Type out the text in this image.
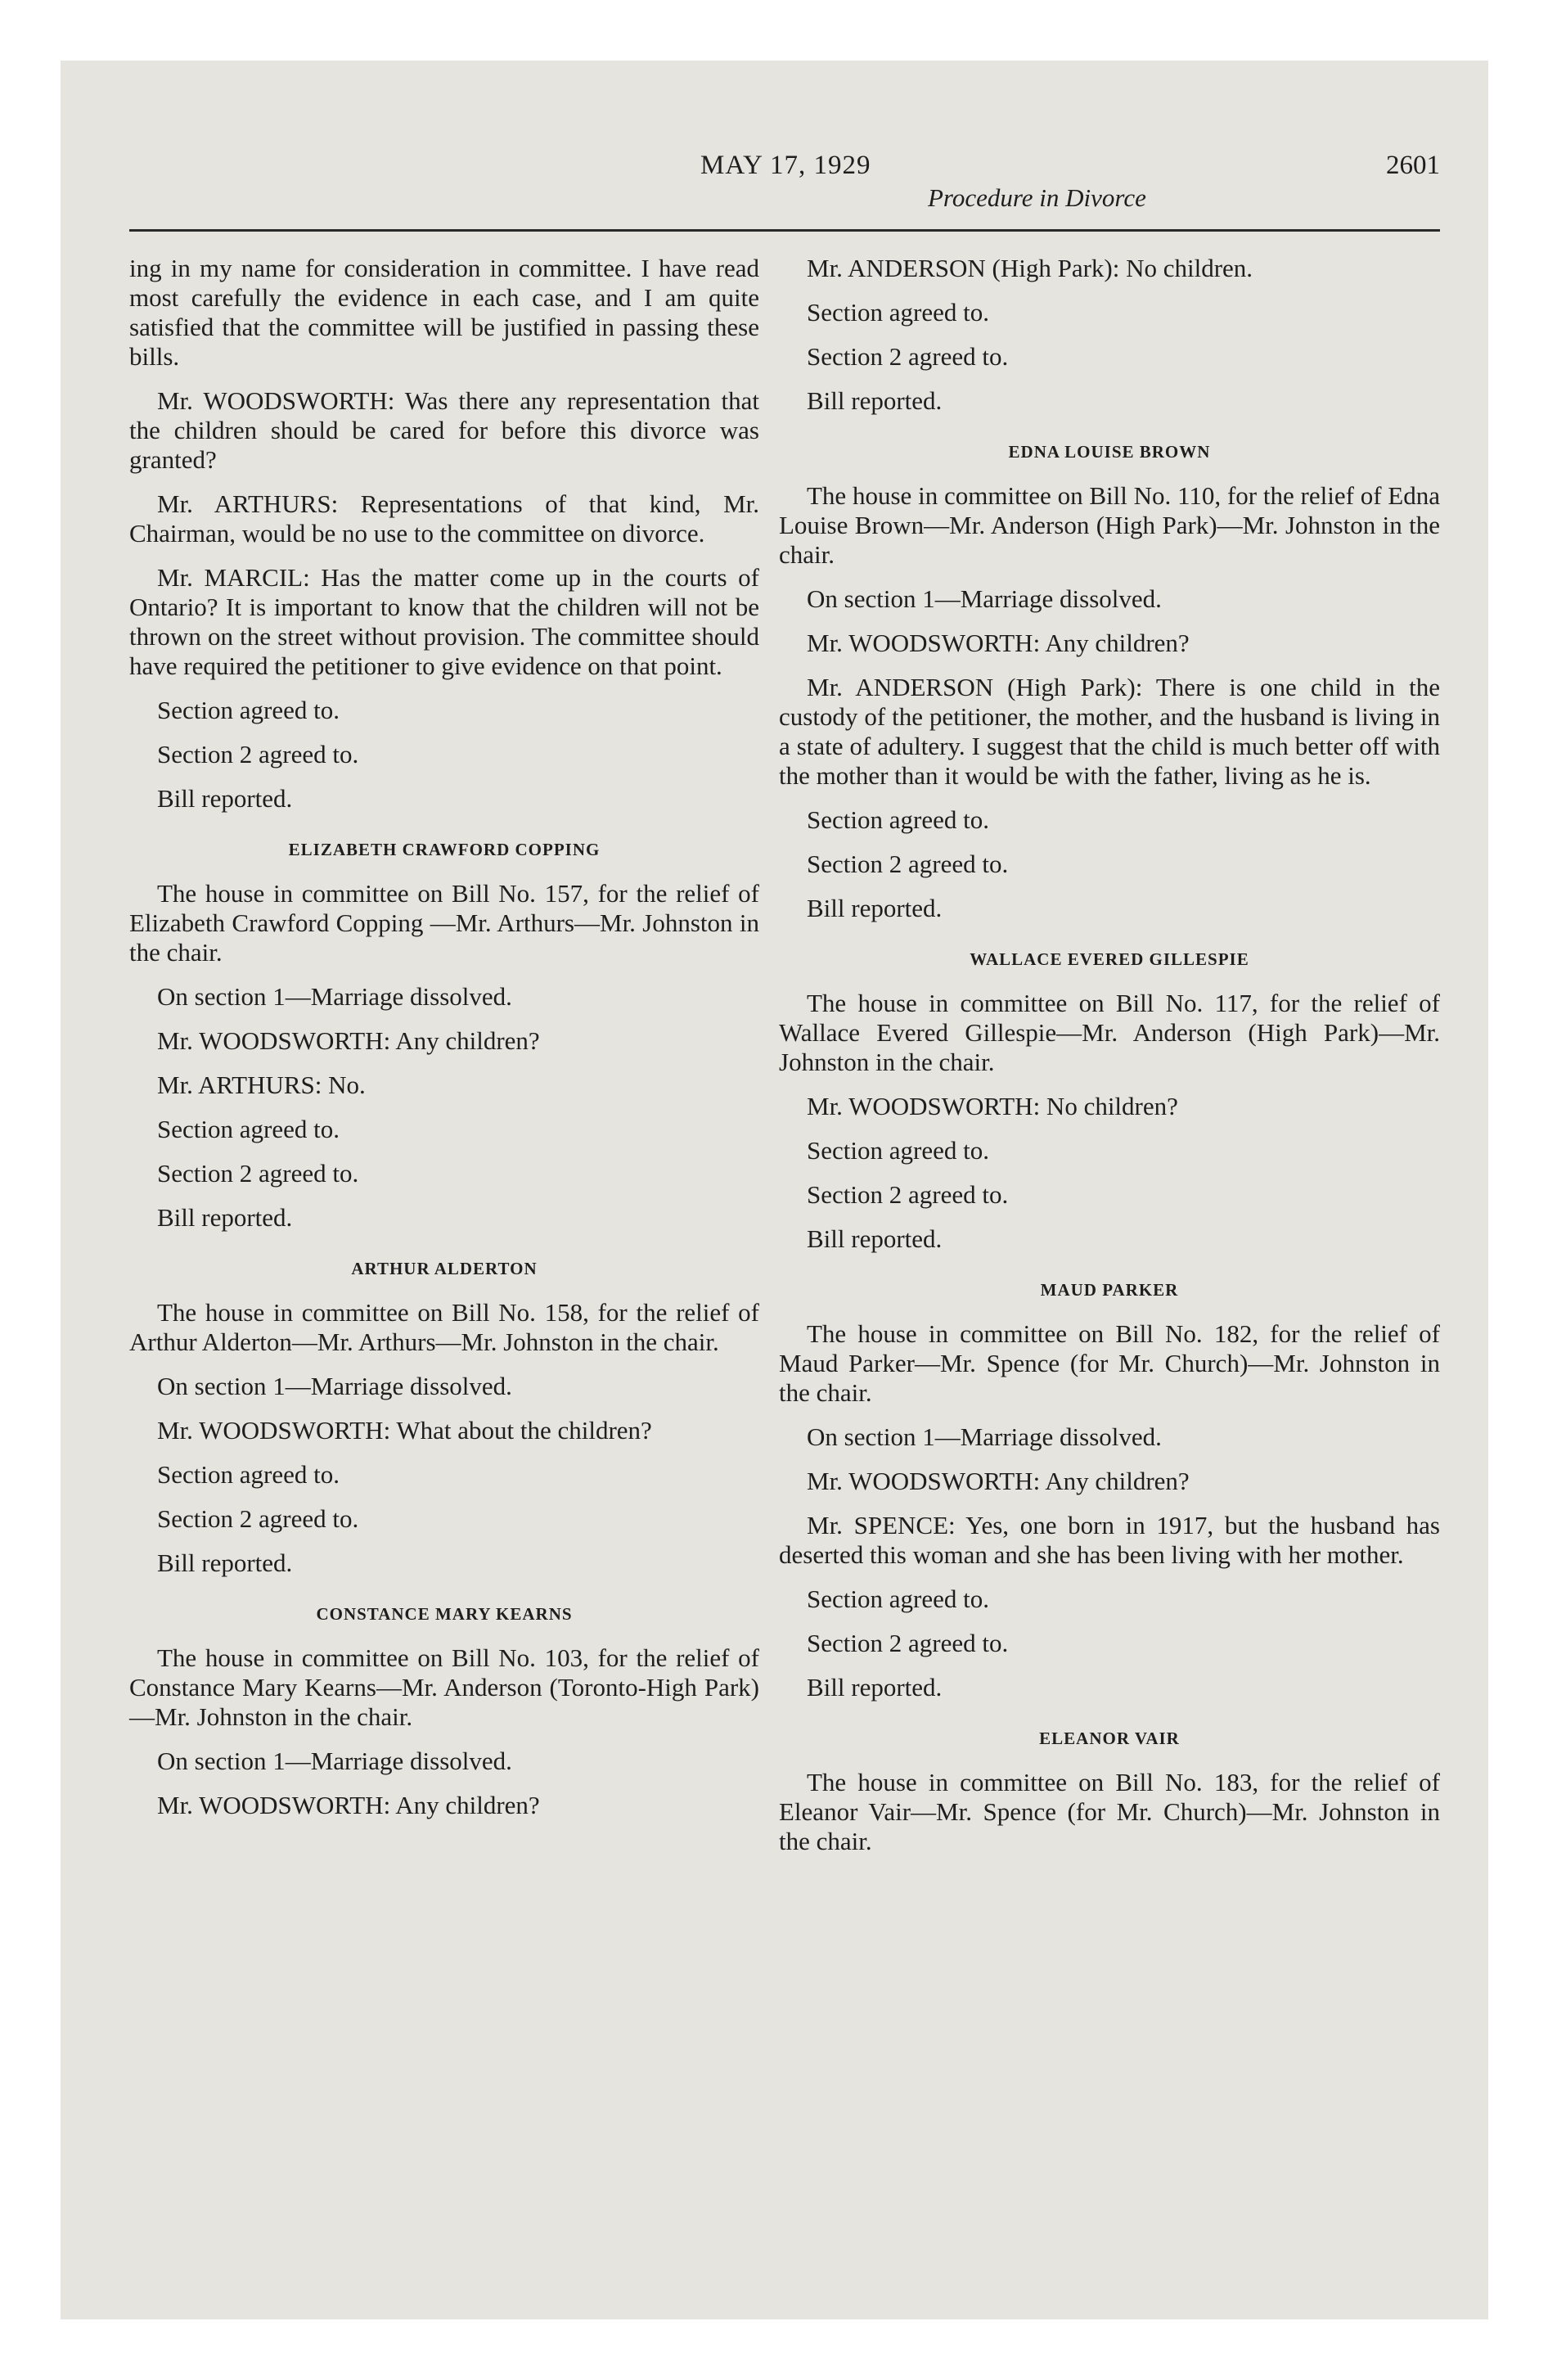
MAY 17, 1929	2601
Procedure in Divorce

ing in my name for consideration in committee. I have read most carefully the evidence in each case, and I am quite satisfied that the committee will be justified in passing these bills.

Mr. WOODSWORTH: Was there any representation that the children should be cared for before this divorce was granted?

Mr. ARTHURS: Representations of that kind, Mr. Chairman, would be no use to the committee on divorce.

Mr. MARCIL: Has the matter come up in the courts of Ontario? It is important to know that the children will not be thrown on the street without provision. The committee should have required the petitioner to give evidence on that point.

Section agreed to.

Section 2 agreed to.

Bill reported.

ELIZABETH CRAWFORD COPPING

The house in committee on Bill No. 157, for the relief of Elizabeth Crawford Copping —Mr. Arthurs—Mr. Johnston in the chair.

On section 1—Marriage dissolved.

Mr. WOODSWORTH: Any children?

Mr. ARTHURS: No.

Section agreed to.

Section 2 agreed to.

Bill reported.

ARTHUR ALDERTON

The house in committee on Bill No. 158, for the relief of Arthur Alderton—Mr. Arthurs—Mr. Johnston in the chair.

On section 1—Marriage dissolved.

Mr. WOODSWORTH: What about the children?

Section agreed to.

Section 2 agreed to.

Bill reported.

CONSTANCE MARY KEARNS

The house in committee on Bill No. 103, for the relief of Constance Mary Kearns—Mr. Anderson (Toronto-High Park)—Mr. Johnston in the chair.

On section 1—Marriage dissolved.

Mr. WOODSWORTH: Any children?

Mr. ANDERSON (High Park): No children.

Section agreed to.

Section 2 agreed to.

Bill reported.

EDNA LOUISE BROWN

The house in committee on Bill No. 110, for the relief of Edna Louise Brown—Mr. Anderson (High Park)—Mr. Johnston in the chair.

On section 1—Marriage dissolved.

Mr. WOODSWORTH: Any children?

Mr. ANDERSON (High Park): There is one child in the custody of the petitioner, the mother, and the husband is living in a state of adultery. I suggest that the child is much better off with the mother than it would be with the father, living as he is.

Section agreed to.

Section 2 agreed to.

Bill reported.

WALLACE EVERED GILLESPIE

The house in committee on Bill No. 117, for the relief of Wallace Evered Gillespie—Mr. Anderson (High Park)—Mr. Johnston in the chair.

Mr. WOODSWORTH: No children?

Section agreed to.

Section 2 agreed to.

Bill reported.

MAUD PARKER

The house in committee on Bill No. 182, for the relief of Maud Parker—Mr. Spence (for Mr. Church)—Mr. Johnston in the chair.

On section 1—Marriage dissolved.

Mr. WOODSWORTH: Any children?

Mr. SPENCE: Yes, one born in 1917, but the husband has deserted this woman and she has been living with her mother.

Section agreed to.

Section 2 agreed to.

Bill reported.

ELEANOR VAIR

The house in committee on Bill No. 183, for the relief of Eleanor Vair—Mr. Spence (for Mr. Church)—Mr. Johnston in the chair.
